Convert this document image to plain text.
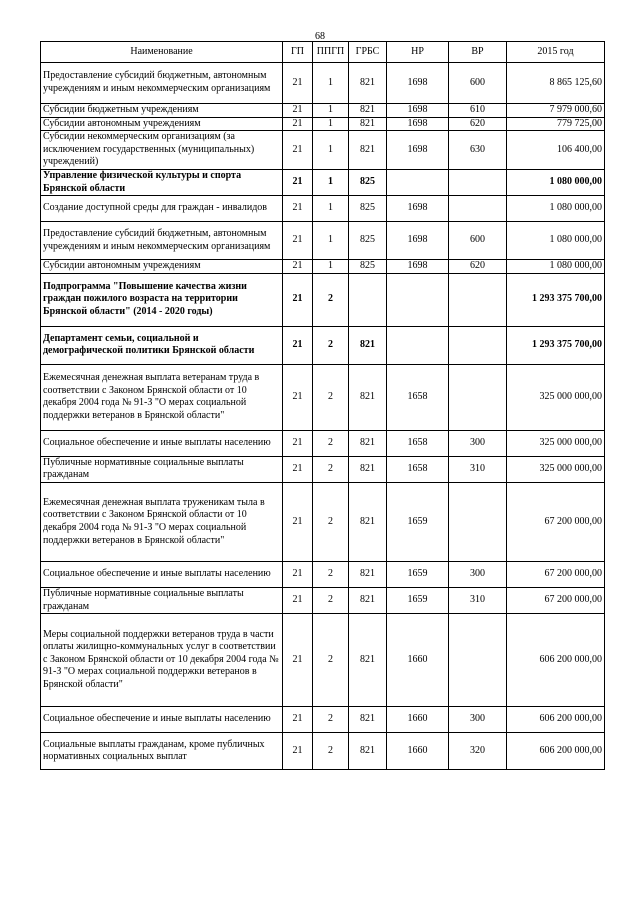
68
Наименование	ГП	ППГП	ГРБС	НР	ВР	2015 год
Предоставление субсидий бюджетным, автономным учреждениям и иным некоммерческим организациям	21	1	821	1698	600	8 865 125,60
Субсидии бюджетным учреждениям	21	1	821	1698	610	7 979 000,60
Субсидии автономным учреждениям	21	1	821	1698	620	779 725,00
Субсидии некоммерческим организациям (за исключением государственных (муниципальных) учреждений)	21	1	821	1698	630	106 400,00
Управление физической культуры и спорта Брянской области	21	1	825			1 080 000,00
Создание доступной среды для граждан - инвалидов	21	1	825	1698		1 080 000,00
Предоставление субсидий бюджетным, автономным учреждениям и иным некоммерческим организациям	21	1	825	1698	600	1 080 000,00
Субсидии автономным учреждениям	21	1	825	1698	620	1 080 000,00
Подпрограмма "Повышение качества жизни граждан пожилого возраста на территории Брянской области" (2014 - 2020 годы)	21	2				1 293 375 700,00
Департамент семьи, социальной и демографической политики Брянской области	21	2	821			1 293 375 700,00
Ежемесячная денежная выплата ветеранам труда в соответствии с Законом Брянской области от 10 декабря 2004 года № 91-З "О мерах социальной поддержки ветеранов в Брянской области"	21	2	821	1658		325 000 000,00
Социальное обеспечение и иные выплаты населению	21	2	821	1658	300	325 000 000,00
Публичные нормативные социальные выплаты гражданам	21	2	821	1658	310	325 000 000,00
Ежемесячная денежная выплата труженикам тыла в соответствии с Законом Брянской области от 10 декабря 2004 года № 91-З "О мерах социальной поддержки ветеранов в Брянской области"	21	2	821	1659		67 200 000,00
Социальное обеспечение и иные выплаты населению	21	2	821	1659	300	67 200 000,00
Публичные нормативные социальные выплаты гражданам	21	2	821	1659	310	67 200 000,00
Меры социальной поддержки ветеранов труда в части оплаты жилищно-коммунальных услуг в соответствии с Законом Брянской области от 10 декабря 2004 года № 91-З "О мерах социальной поддержки ветеранов в Брянской области"	21	2	821	1660		606 200 000,00
Социальное обеспечение и иные выплаты населению	21	2	821	1660	300	606 200 000,00
Социальные выплаты гражданам, кроме публичных нормативных социальных выплат	21	2	821	1660	320	606 200 000,00
